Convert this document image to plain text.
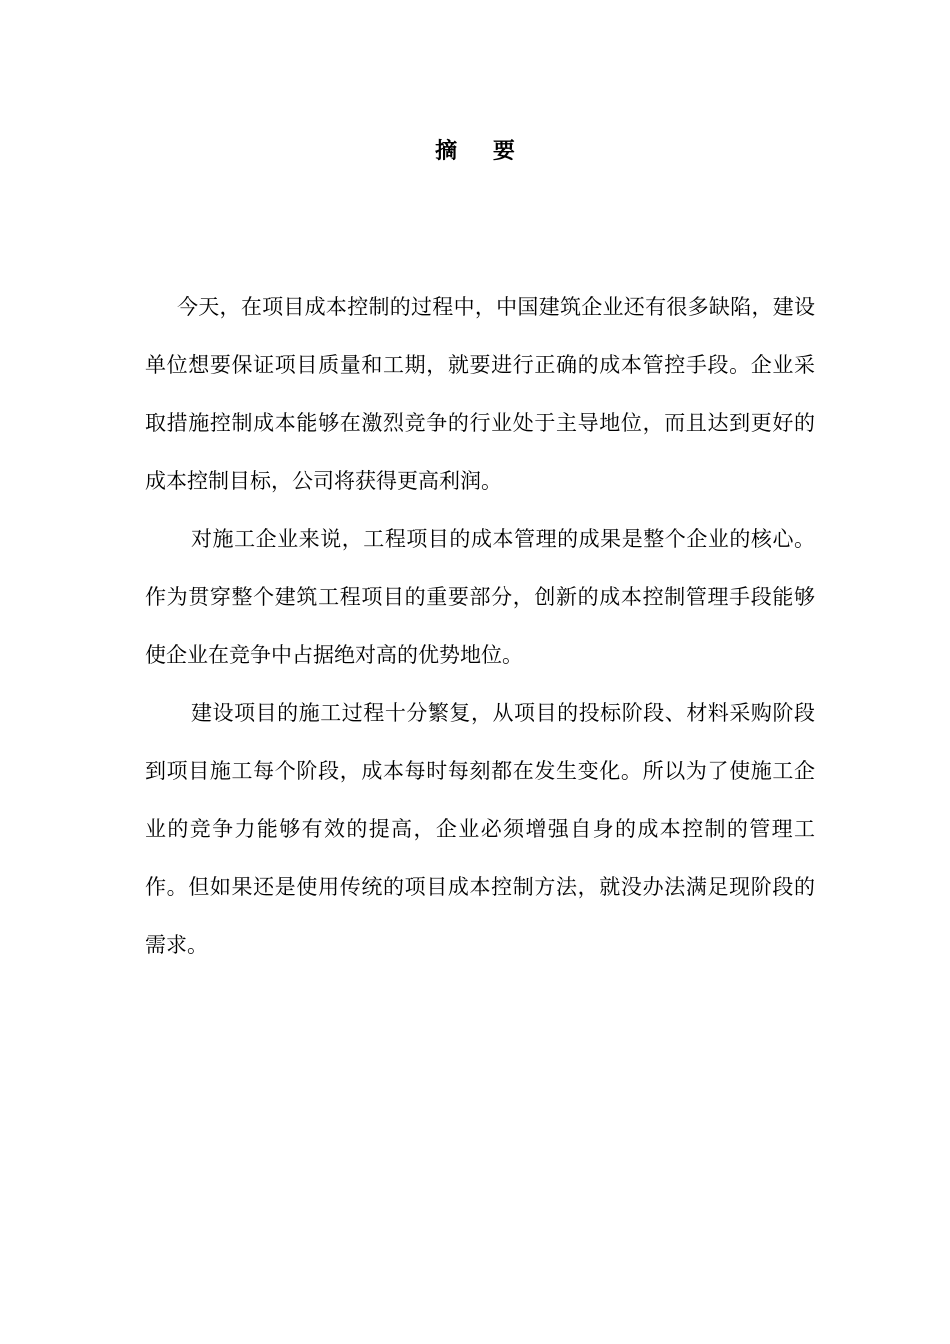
摘 要

今天，在项目成本控制的过程中，中国建筑企业还有很多缺陷，建设单位想要保证项目质量和工期，就要进行正确的成本管控手段。企业采取措施控制成本能够在激烈竞争的行业处于主导地位，而且达到更好的成本控制目标，公司将获得更高利润。

对施工企业来说，工程项目的成本管理的成果是整个企业的核心。作为贯穿整个建筑工程项目的重要部分，创新的成本控制管理手段能够使企业在竞争中占据绝对高的优势地位。

建设项目的施工过程十分繁复，从项目的投标阶段、材料采购阶段到项目施工每个阶段，成本每时每刻都在发生变化。所以为了使施工企业的竞争力能够有效的提高，企业必须增强自身的成本控制的管理工作。但如果还是使用传统的项目成本控制方法，就没办法满足现阶段的需求。
